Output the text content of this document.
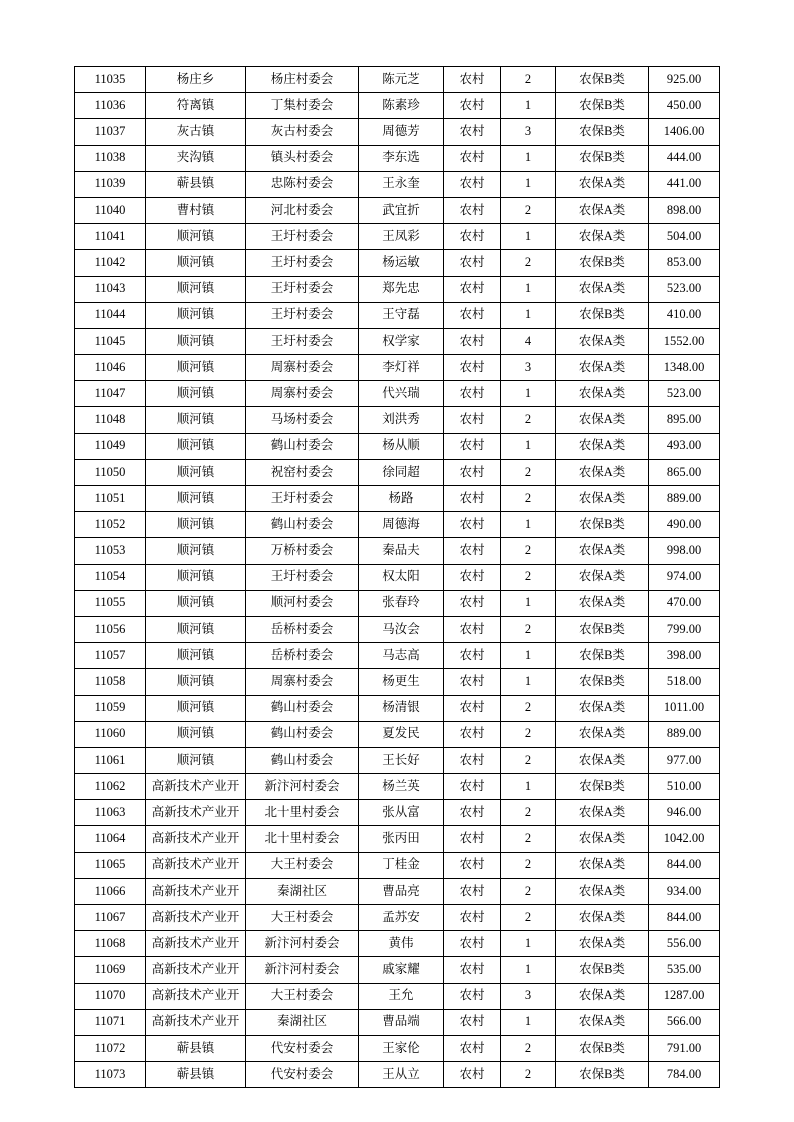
11035	杨庄乡	杨庄村委会	陈元芝	农村	2	农保B类	925.00
11036	符离镇	丁集村委会	陈素珍	农村	1	农保B类	450.00
11037	灰古镇	灰古村委会	周德芳	农村	3	农保B类	1406.00
11038	夹沟镇	镇头村委会	李东选	农村	1	农保B类	444.00
11039	蕲县镇	忠陈村委会	王永奎	农村	1	农保A类	441.00
11040	曹村镇	河北村委会	武宜折	农村	2	农保A类	898.00
11041	顺河镇	王圩村委会	王凤彩	农村	1	农保A类	504.00
11042	顺河镇	王圩村委会	杨运敏	农村	2	农保B类	853.00
11043	顺河镇	王圩村委会	郑先忠	农村	1	农保A类	523.00
11044	顺河镇	王圩村委会	王守磊	农村	1	农保B类	410.00
11045	顺河镇	王圩村委会	权学家	农村	4	农保A类	1552.00
11046	顺河镇	周寨村委会	李灯祥	农村	3	农保A类	1348.00
11047	顺河镇	周寨村委会	代兴瑞	农村	1	农保A类	523.00
11048	顺河镇	马场村委会	刘洪秀	农村	2	农保A类	895.00
11049	顺河镇	鹤山村委会	杨从顺	农村	1	农保A类	493.00
11050	顺河镇	祝窑村委会	徐同超	农村	2	农保A类	865.00
11051	顺河镇	王圩村委会	杨路	农村	2	农保A类	889.00
11052	顺河镇	鹤山村委会	周德海	农村	1	农保B类	490.00
11053	顺河镇	万桥村委会	秦品夫	农村	2	农保A类	998.00
11054	顺河镇	王圩村委会	权太阳	农村	2	农保A类	974.00
11055	顺河镇	顺河村委会	张春玲	农村	1	农保A类	470.00
11056	顺河镇	岳桥村委会	马汝会	农村	2	农保B类	799.00
11057	顺河镇	岳桥村委会	马志高	农村	1	农保B类	398.00
11058	顺河镇	周寨村委会	杨更生	农村	1	农保B类	518.00
11059	顺河镇	鹤山村委会	杨清银	农村	2	农保A类	1011.00
11060	顺河镇	鹤山村委会	夏发民	农村	2	农保A类	889.00
11061	顺河镇	鹤山村委会	王长好	农村	2	农保A类	977.00
11062	高新技术产业开	新汴河村委会	杨兰英	农村	1	农保B类	510.00
11063	高新技术产业开	北十里村委会	张从富	农村	2	农保A类	946.00
11064	高新技术产业开	北十里村委会	张丙田	农村	2	农保A类	1042.00
11065	高新技术产业开	大王村委会	丁桂金	农村	2	农保A类	844.00
11066	高新技术产业开	秦湖社区	曹品亮	农村	2	农保A类	934.00
11067	高新技术产业开	大王村委会	孟苏安	农村	2	农保A类	844.00
11068	高新技术产业开	新汴河村委会	黄伟	农村	1	农保A类	556.00
11069	高新技术产业开	新汴河村委会	戚家耀	农村	1	农保B类	535.00
11070	高新技术产业开	大王村委会	王允	农村	3	农保A类	1287.00
11071	高新技术产业开	秦湖社区	曹品端	农村	1	农保A类	566.00
11072	蕲县镇	代安村委会	王家伦	农村	2	农保B类	791.00
11073	蕲县镇	代安村委会	王从立	农村	2	农保B类	784.00
